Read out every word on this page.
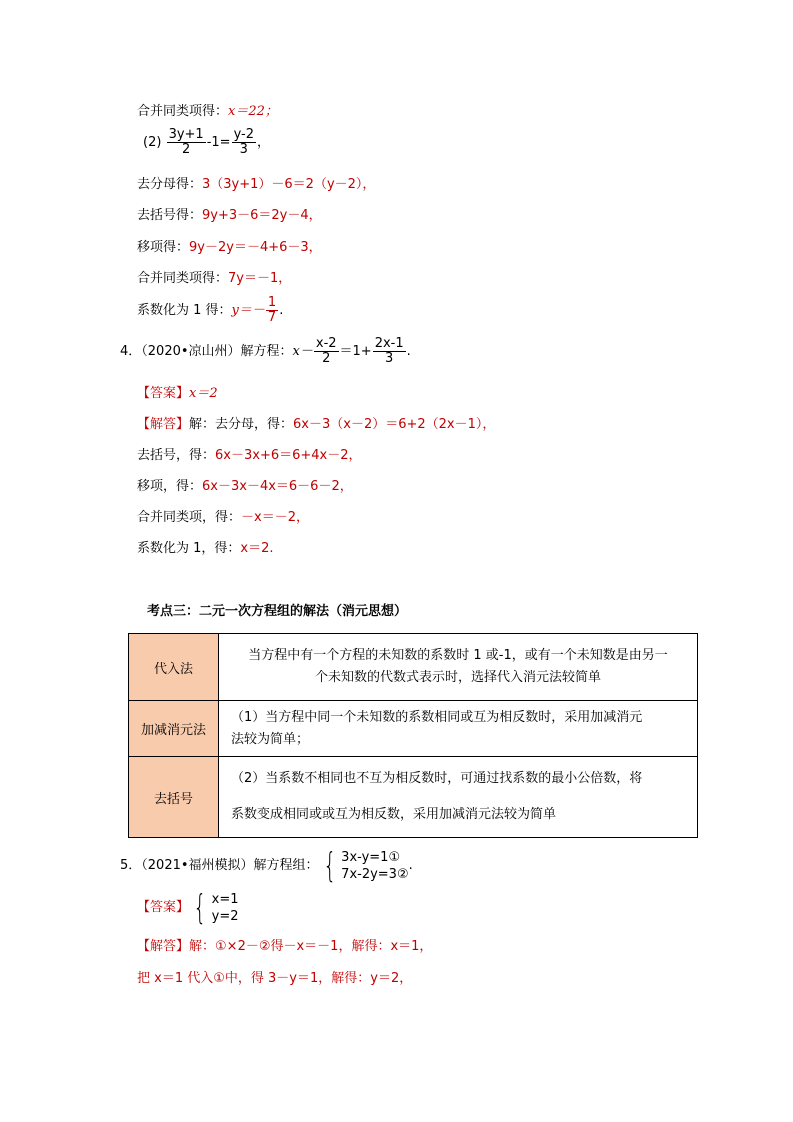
合并同类项得：x＝22；
$(2) \frac{3y+1}{2} -1= \frac{y-2}{3}$ ，
去分母得：3（3y+1）－6＝2（y－2），
去括号得：9y+3－6＝2y－4，
移项得：9y－2y＝－4+6－3，
合并同类项得：7y＝－1，
系数化为 1 得：$y=- \frac{1}{7}$ .
4．（2020•凉山州）解方程：$x- \frac{x-2}{2} =1+ \frac{2x-1}{3}$ .
【答案】x＝2
【解答】解：去分母，得：6x－3（x－2）＝6+2（2x－1），
去括号，得：6x－3x+6＝6+4x－2，
移项，得：6x－3x－4x＝6－6－2，
合并同类项，得：－x＝－2，
系数化为 1，得：x＝2.
考点三：二元一次方程组的解法（消元思想）
代入法	当方程中有一个方程的未知数的系数时 1 或-1，或有一个未知数是由另一
个未知数的代数式表示时，选择代入消元法较简单

加减消元法	（1）当方程中同一个未知数的系数相同或互为相反数时，采用加减消元
法较为简单；

去括号	（2）当系数不相同也不互为相反数时，可通过找系数的最小公倍数，将
系数变成相同或或互为相反数，采用加减消元法较为简单
5．（2021•福州模拟）解方程组： { 3x-y=1①
7x-2y=3②
.
【答案】 { x=1
y=2
【解答】解：①×2－②得－x＝－1，解得：x＝1，
把 x＝1 代入①中，得 3－y＝1，解得：y＝2，
